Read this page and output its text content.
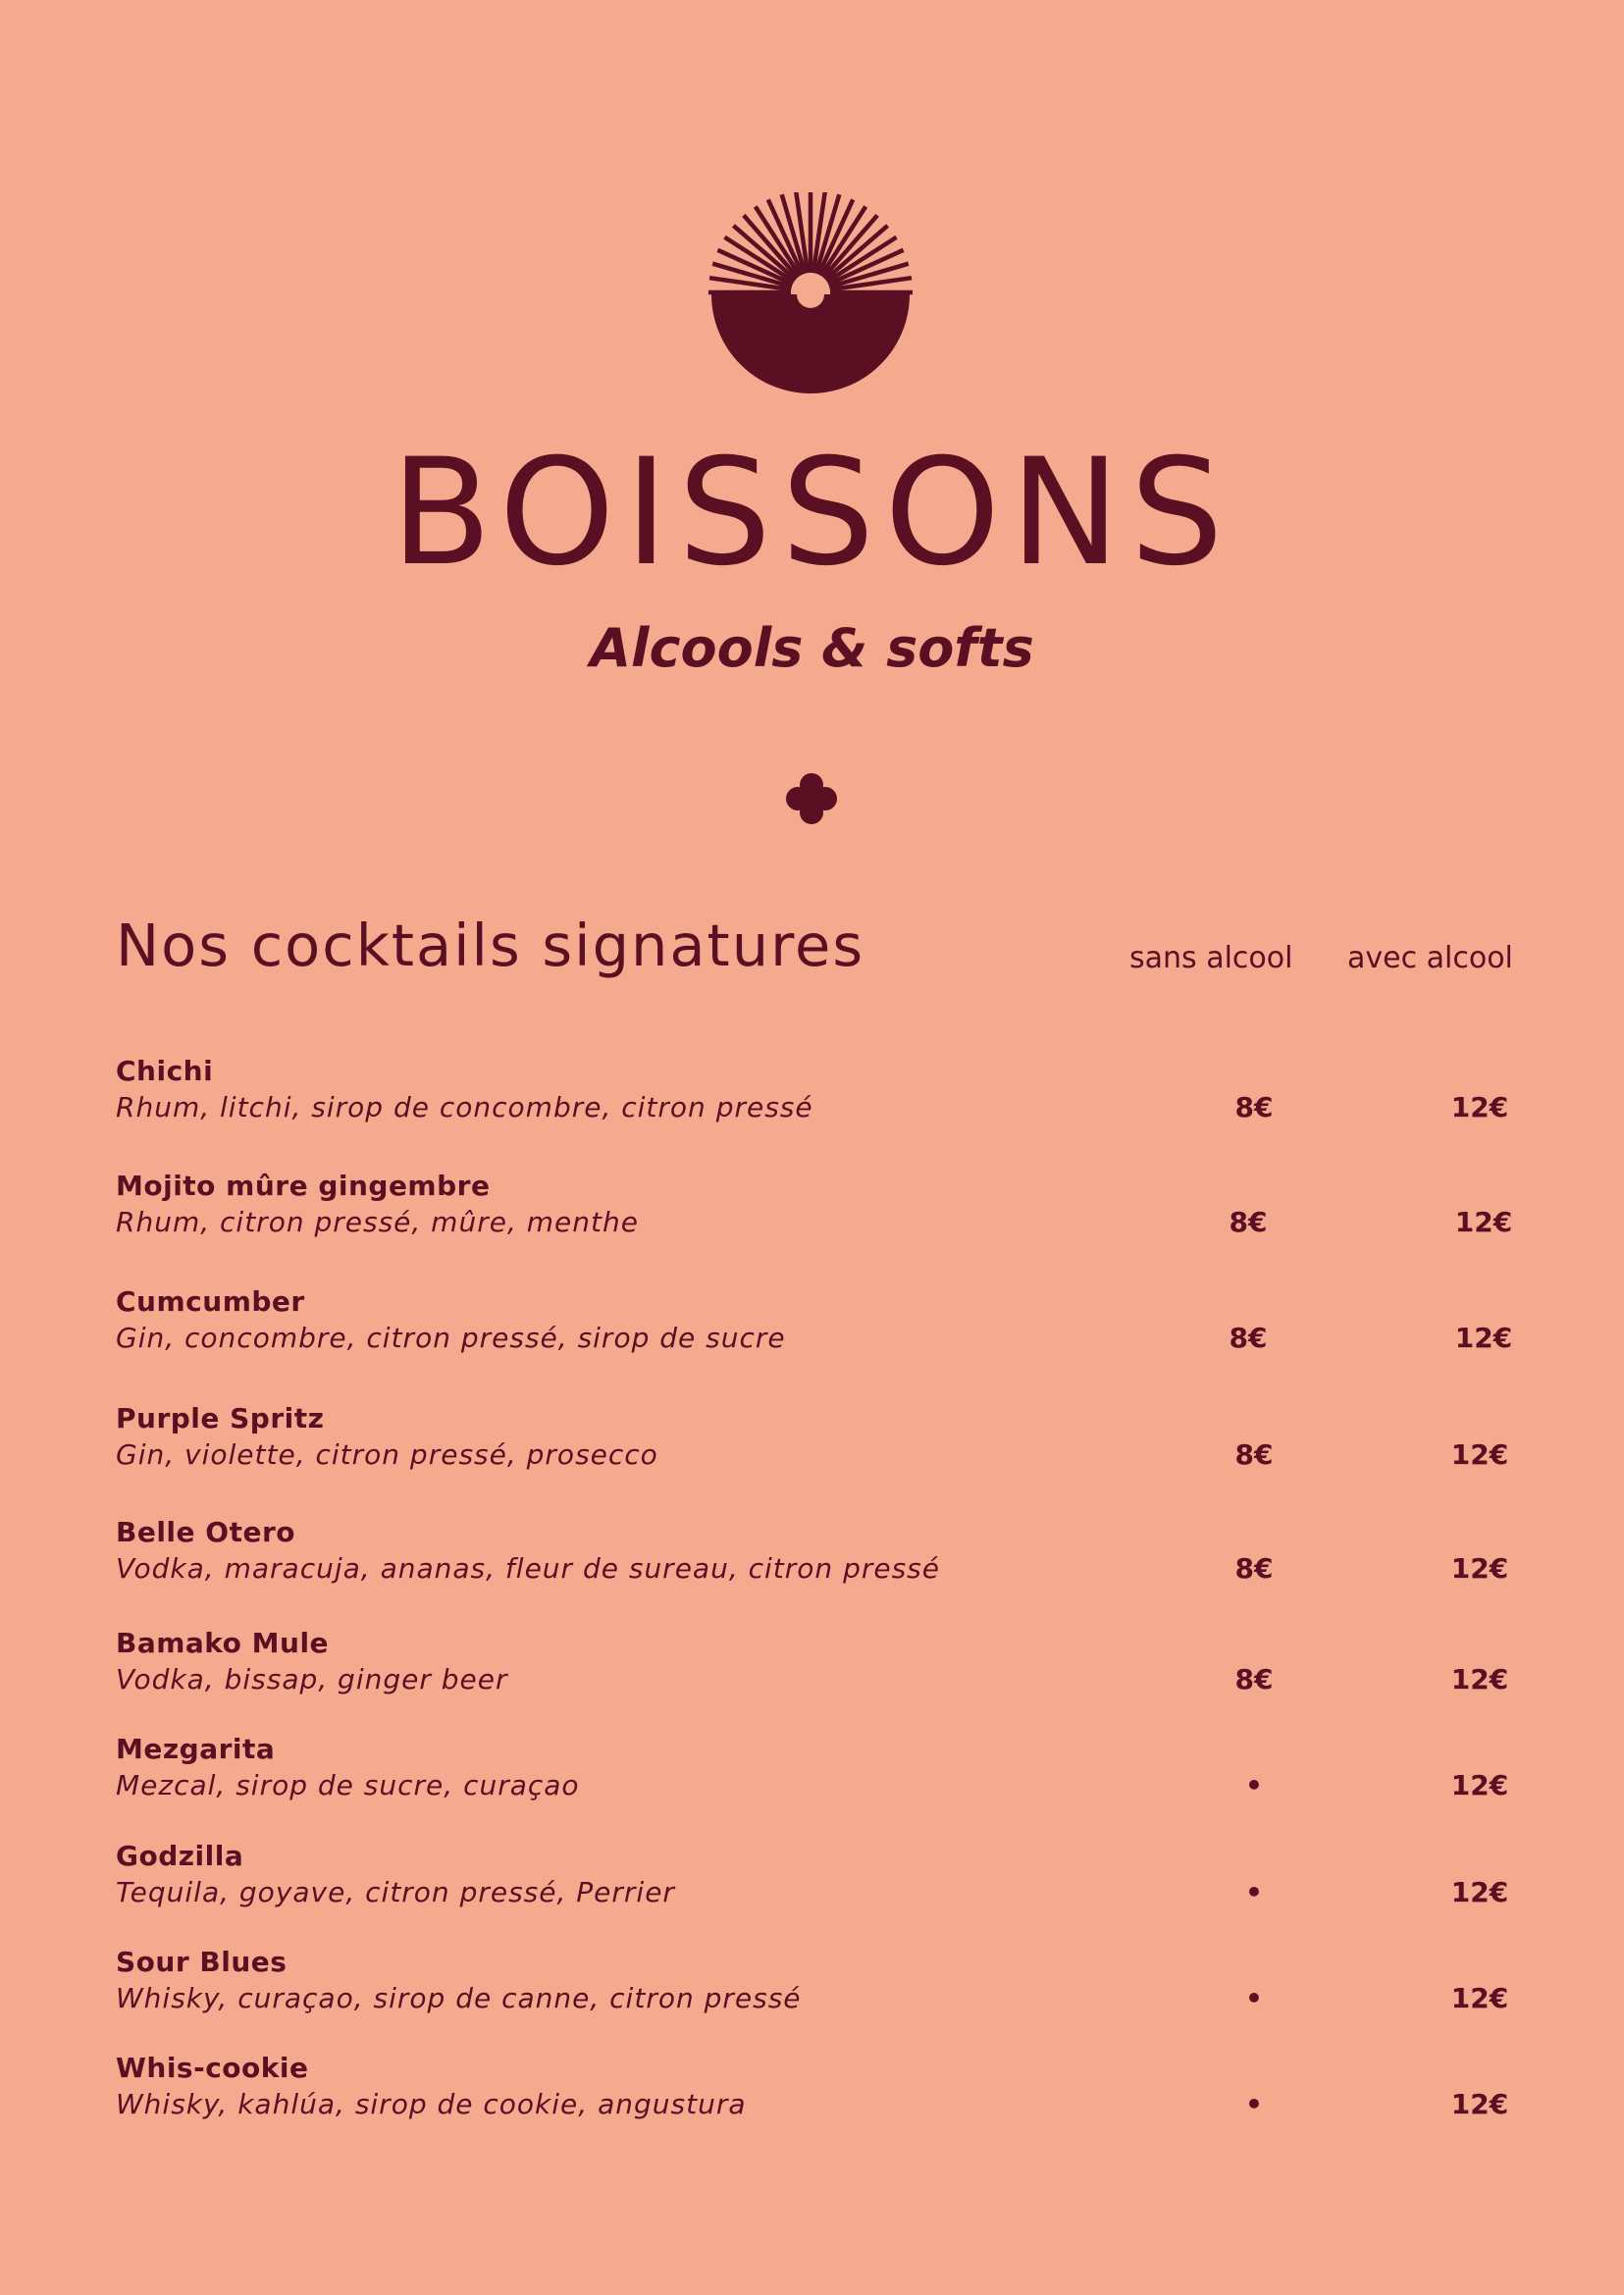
BOISSONS
Alcools & softs
Nos cocktails signatures	sans alcool avec alcool
Chichi
Rhum, litchi, sirop de concombre, citron pressé	8€	12€
Mojito mûre gingembre
Rhum, citron pressé, mûre, menthe	8€	12€
Cumcumber
Gin, concombre, citron pressé, sirop de sucre	8€	12€
Purple Spritz
Gin, violette, citron pressé, prosecco	8€	12€
Belle Otero
Vodka, maracuja, ananas, fleur de sureau, citron pressé	8€	12€
Bamako Mule
Vodka, bissap, ginger beer	8€	12€
Mezgarita
Mezcal, sirop de sucre, curaçao	•	12€
Godzilla
Tequila, goyave, citron pressé, Perrier	•	12€
Sour Blues
Whisky, curaçao, sirop de canne, citron pressé	•	12€
Whis-cookie
Whisky, kahlúa, sirop de cookie, angustura	•	12€
